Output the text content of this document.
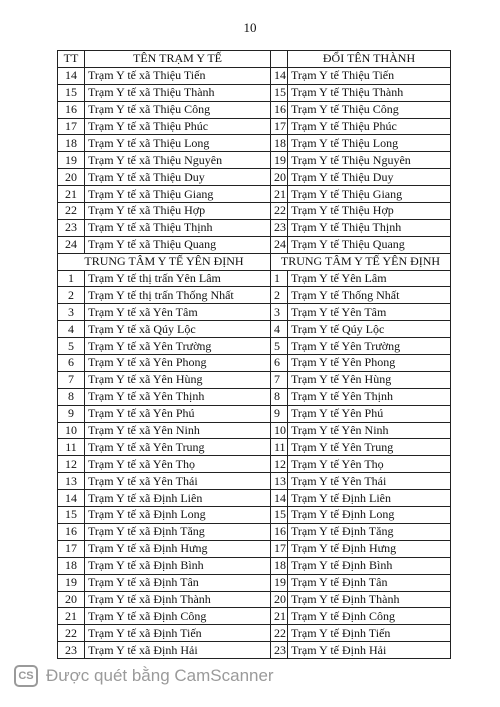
10
TT	TÊN TRẠM Y TẾ		ĐỔI TÊN THÀNH
14	Trạm Y tế xã Thiệu Tiến	14	Trạm Y tế Thiệu Tiến
15	Trạm Y tế xã Thiệu Thành	15	Trạm Y tế Thiệu Thành
16	Trạm Y tế xã Thiệu Công	16	Trạm Y tế Thiệu Công
17	Trạm Y tế xã Thiệu Phúc	17	Trạm Y tế Thiệu Phúc
18	Trạm Y tế xã Thiệu Long	18	Trạm Y tế Thiệu Long
19	Trạm Y tế xã Thiệu Nguyên	19	Trạm Y tế Thiệu Nguyên
20	Trạm Y tế xã Thiệu Duy	20	Trạm Y tế Thiệu Duy
21	Trạm Y tế xã Thiệu Giang	21	Trạm Y tế Thiệu Giang
22	Trạm Y tế xã Thiệu Hợp	22	Trạm Y tế Thiệu Hợp
23	Trạm Y tế xã Thiệu Thịnh	23	Trạm Y tế Thiệu Thịnh
24	Trạm Y tế xã Thiệu Quang	24	Trạm Y tế Thiệu Quang
TRUNG TÂM Y TẾ YÊN ĐỊNH		TRUNG TÂM Y TẾ YÊN ĐỊNH	
1	Trạm Y tế thị trấn Yên Lâm	1	Trạm Y tế Yên Lâm
2	Trạm Y tế thị trấn Thống Nhất	2	Trạm Y tế Thống Nhất
3	Trạm Y tế xã Yên Tâm	3	Trạm Y tế Yên Tâm
4	Trạm Y tế xã Qúy Lộc	4	Trạm Y tế Qúy Lộc
5	Trạm Y tế xã Yên Trường	5	Trạm Y tế Yên Trường
6	Trạm Y tế xã Yên Phong	6	Trạm Y tế Yên Phong
7	Trạm Y tế xã Yên Hùng	7	Trạm Y tế Yên Hùng
8	Trạm Y tế xã Yên Thịnh	8	Trạm Y tế Yên Thịnh
9	Trạm Y tế xã Yên Phú	9	Trạm Y tế Yên Phú
10	Trạm Y tế xã Yên Ninh	10	Trạm Y tế Yên Ninh
11	Trạm Y tế xã Yên Trung	11	Trạm Y tế Yên Trung
12	Trạm Y tế xã Yên Thọ	12	Trạm Y tế Yên Thọ
13	Trạm Y tế xã Yên Thái	13	Trạm Y tế Yên Thái
14	Trạm Y tế xã Định Liên	14	Trạm Y tế Định Liên
15	Trạm Y tế xã Định Long	15	Trạm Y tế Định Long
16	Trạm Y tế xã Định Tăng	16	Trạm Y tế Định Tăng
17	Trạm Y tế xã Định Hưng	17	Trạm Y tế Định Hưng
18	Trạm Y tế xã Định Bình	18	Trạm Y tế Định Bình
19	Trạm Y tế xã Định Tân	19	Trạm Y tế Định Tân
20	Trạm Y tế xã Định Thành	20	Trạm Y tế Định Thành
21	Trạm Y tế xã Định Công	21	Trạm Y tế Định Công
22	Trạm Y tế xã Định Tiến	22	Trạm Y tế Định Tiến
23	Trạm Y tế xã Định Hải	23	Trạm Y tế Định Hải
CS Được quét bằng CamScanner
